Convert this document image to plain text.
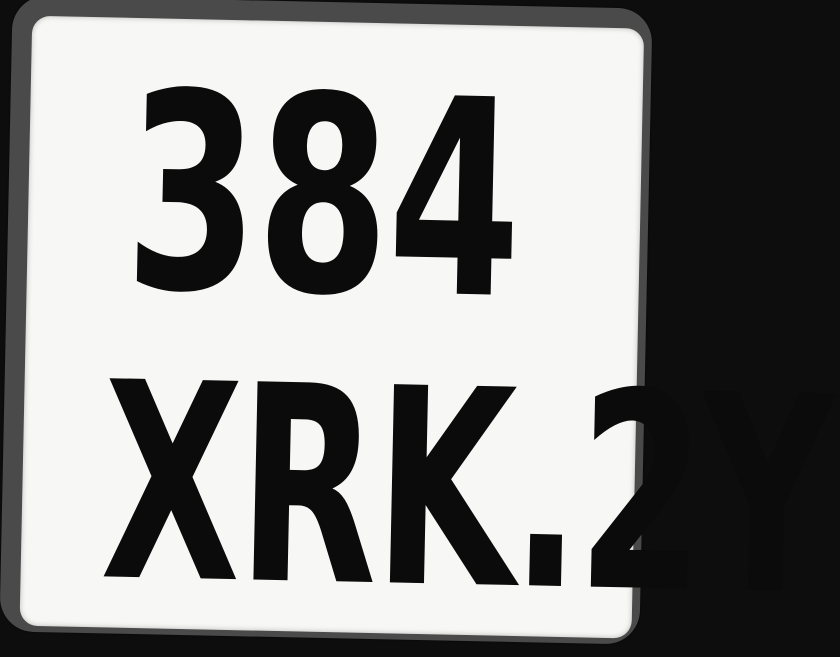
384
XRK.2Y
